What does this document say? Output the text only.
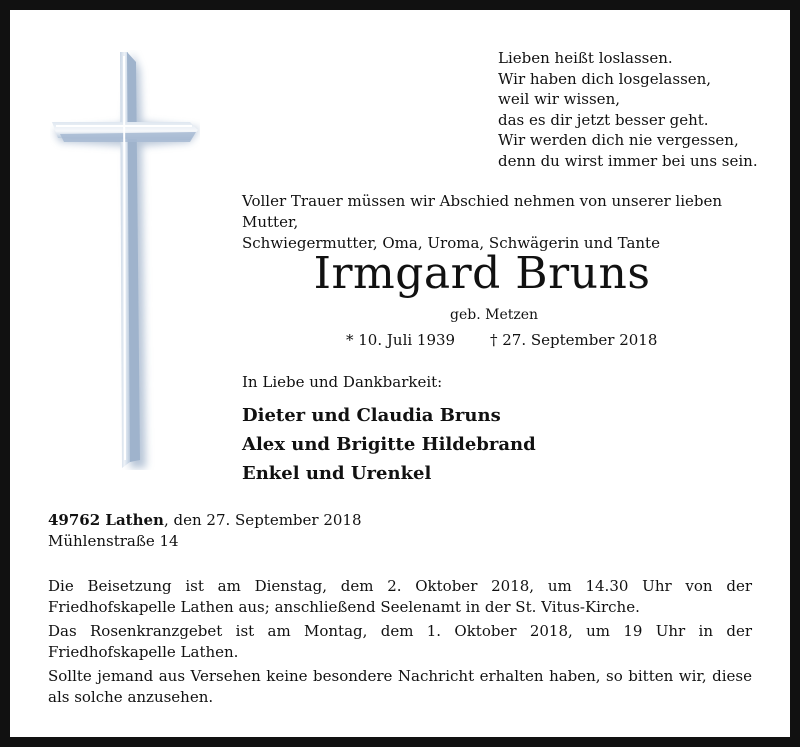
Lieben heißt loslassen.
Wir haben dich losgelassen,
weil wir wissen,
das es dir jetzt besser geht.
Wir werden dich nie vergessen,
denn du wirst immer bei uns sein.
Voller Trauer müssen wir Abschied nehmen von unserer lieben Mutter,
Schwiegermutter, Oma, Uroma, Schwägerin und Tante
Irmgard Bruns
geb. Metzen
* 10. Juli 1939 † 27. September 2018
In Liebe und Dankbarkeit:
Dieter und Claudia Bruns
Alex und Brigitte Hildebrand
Enkel und Urenkel
49762 Lathen, den 27. September 2018
Mühlenstraße 14
Die Beisetzung ist am Dienstag, dem 2. Oktober 2018, um 14.30 Uhr von der Friedhofskapelle Lathen aus; anschließend Seelenamt in der St. Vitus-Kirche.
Das Rosenkranzgebet ist am Montag, dem 1. Oktober 2018, um 19 Uhr in der Friedhofskapelle Lathen.
Sollte jemand aus Versehen keine besondere Nachricht erhalten haben, so bitten wir, diese als solche anzusehen.
